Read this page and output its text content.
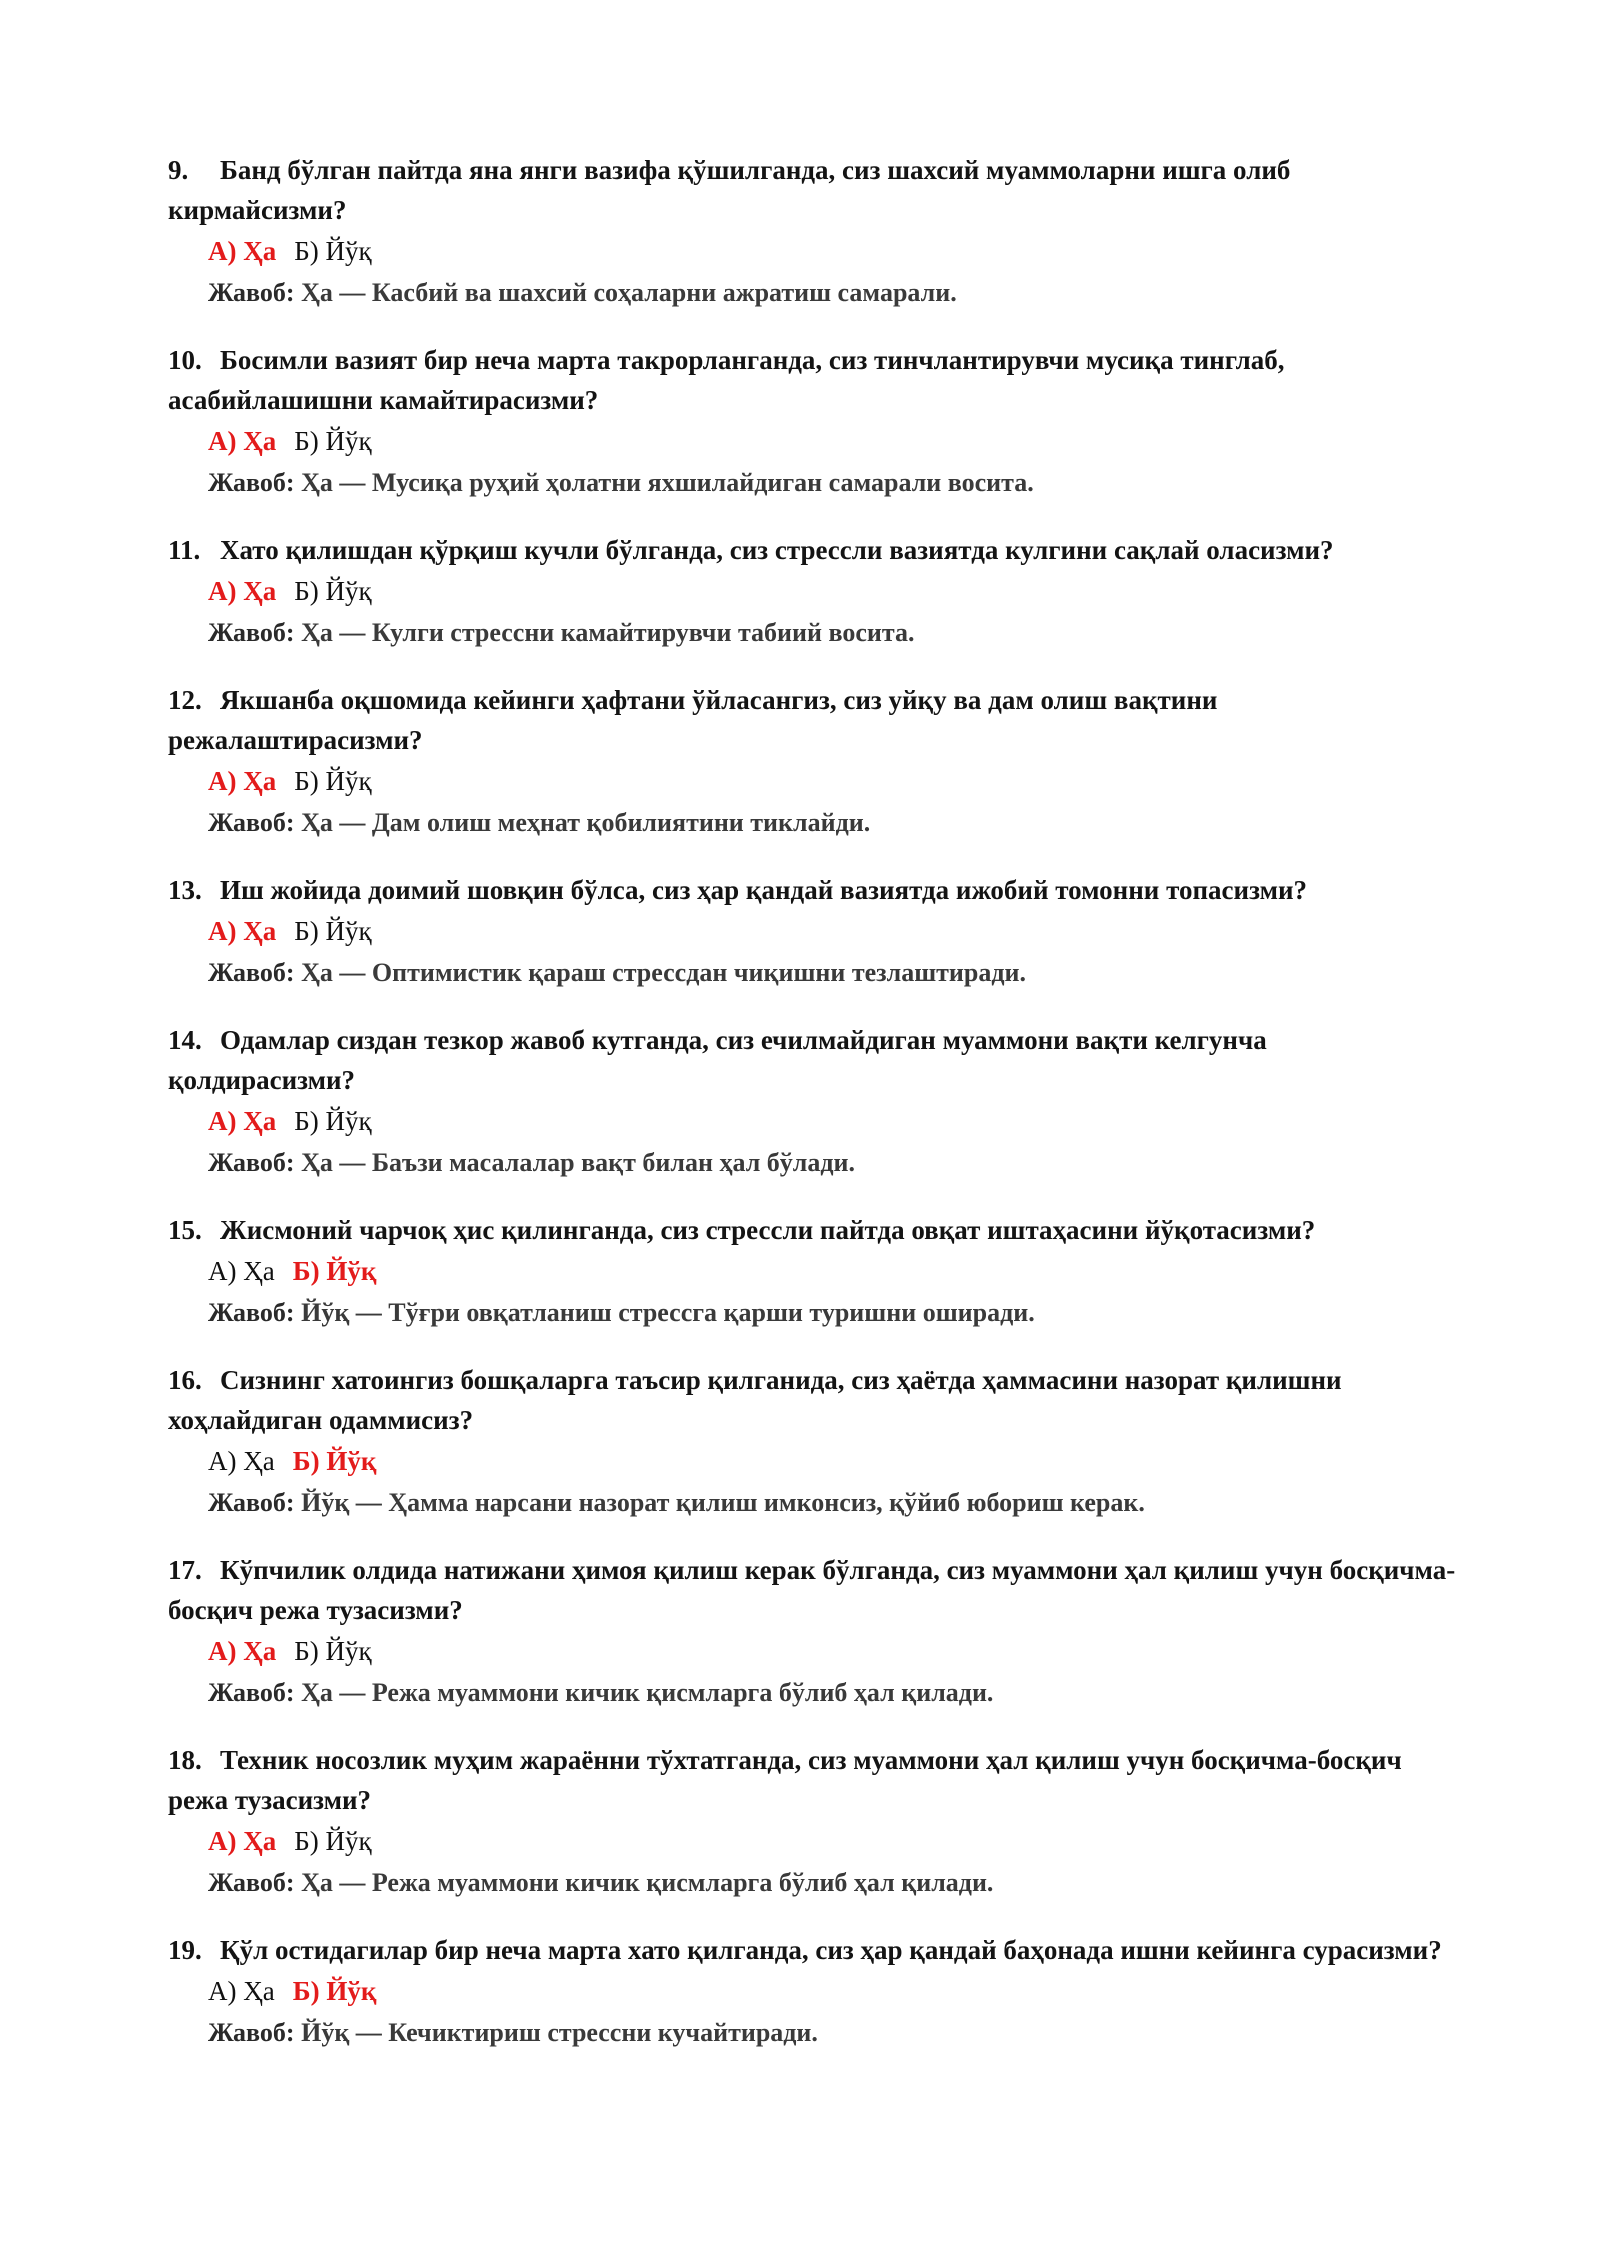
9. Банд бўлган пайтда яна янги вазифа қўшилганда, сиз шахсий муаммоларни ишга олиб кирмайсизми?
А) Ҳа Б) Йўқ
Жавоб: Ҳа — Касбий ва шахсий соҳаларни ажратиш самарали.
10. Босимли вазият бир неча марта такрорланганда, сиз тинчлантирувчи мусиқа тинглаб, асабийлашишни камайтирасизми?
А) Ҳа Б) Йўқ
Жавоб: Ҳа — Мусиқа руҳий ҳолатни яхшилайдиган самарали восита.
11. Хато қилишдан қўрқиш кучли бўлганда, сиз стрессли вазиятда кулгини сақлай оласизми?
А) Ҳа Б) Йўқ
Жавоб: Ҳа — Кулги стрессни камайтирувчи табиий восита.
12. Якшанба оқшомида кейинги ҳафтани ўйласангиз, сиз уйқу ва дам олиш вақтини режалаштирасизми?
А) Ҳа Б) Йўқ
Жавоб: Ҳа — Дам олиш меҳнат қобилиятини тиклайди.
13. Иш жойида доимий шовқин бўлса, сиз ҳар қандай вазиятда ижобий томонни топасизми?
А) Ҳа Б) Йўқ
Жавоб: Ҳа — Оптимистик қараш стрессдан чиқишни тезлаштиради.
14. Одамлар сиздан тезкор жавоб кутганда, сиз ечилмайдиган муаммони вақти келгунча қолдирасизми?
А) Ҳа Б) Йўқ
Жавоб: Ҳа — Баъзи масалалар вақт билан ҳал бўлади.
15. Жисмоний чарчоқ ҳис қилинганда, сиз стрессли пайтда овқат иштаҳасини йўқотасизми?
А) Ҳа Б) Йўқ
Жавоб: Йўқ — Тўғри овқатланиш стрессга қарши туришни оширади.
16. Сизнинг хатоингиз бошқаларга таъсир қилганида, сиз ҳаётда ҳаммасини назорат қилишни хоҳлайдиган одаммисиз?
А) Ҳа Б) Йўқ
Жавоб: Йўқ — Ҳамма нарсани назорат қилиш имконсиз, қўйиб юбориш керак.
17. Кўпчилик олдида натижани ҳимоя қилиш керак бўлганда, сиз муаммони ҳал қилиш учун босқичма-босқич режа тузасизми?
А) Ҳа Б) Йўқ
Жавоб: Ҳа — Режа муаммони кичик қисмларга бўлиб ҳал қилади.
18. Техник носозлик муҳим жараённи тўхтатганда, сиз муаммони ҳал қилиш учун босқичма-босқич режа тузасизми?
А) Ҳа Б) Йўқ
Жавоб: Ҳа — Режа муаммони кичик қисмларга бўлиб ҳал қилади.
19. Қўл остидагилар бир неча марта хато қилганда, сиз ҳар қандай баҳонада ишни кейинга сурасизми?
А) Ҳа Б) Йўқ
Жавоб: Йўқ — Кечиктириш стрессни кучайтиради.
